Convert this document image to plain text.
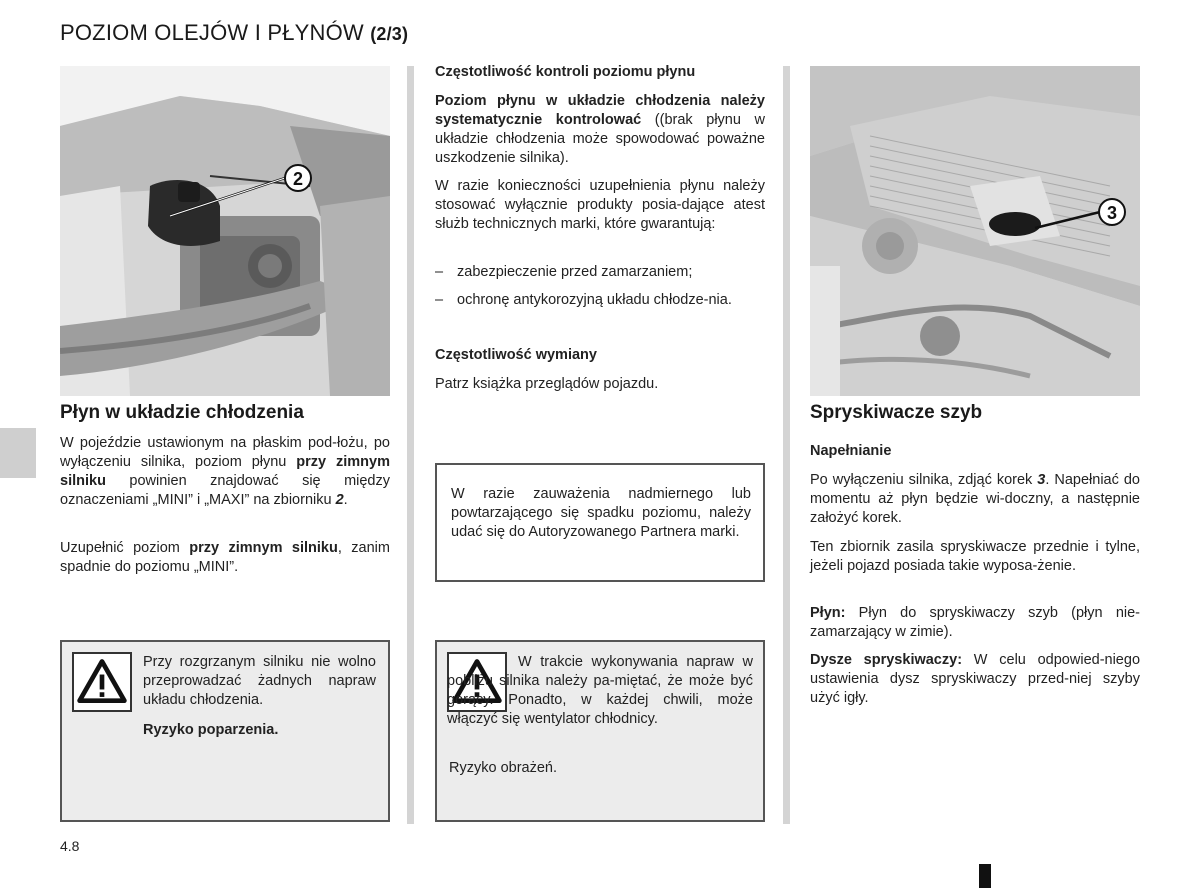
POZIOM OLEJÓW I PŁYNÓW (2/3)
2
Płyn w układzie chłodzenia
W pojeździe ustawionym na płaskim pod-łożu, po wyłączeniu silnika, poziom płynu przy zimnym silniku powinien znajdować się między oznaczeniami „MINI” i „MAXI” na zbiorniku 2.
Uzupełnić poziom przy zimnym silniku, zanim spadnie do poziomu „MINI”.
Przy rozgrzanym silniku nie wolno przeprowadzać żadnych napraw układu chłodzenia.
Ryzyko poparzenia.
Częstotliwość kontroli poziomu płynu
Poziom płynu w układzie chłodzenia należy systematycznie kontrolować ((brak płynu w układzie chłodzenia może spowodować poważne uszkodzenie silnika).
W razie konieczności uzupełnienia płynu należy stosować wyłącznie produkty posia-dające atest służb technicznych marki, które gwarantują:
– zabezpieczenie przed zamarzaniem;
– ochronę antykorozyjną układu chłodze-nia.
Częstotliwość wymiany
Patrz książka przeglądów pojazdu.
W razie zauważenia nadmiernego lub powtarzającego się spadku poziomu, należy udać się do Autoryzowanego Partnera marki.
W trakcie wykonywania napraw w pobliżu silnika należy pa-miętać, że może być gorący. Ponadto, w każdej chwili, może włączyć się wentylator chłodnicy.
Ryzyko obrażeń.
3
Spryskiwacze szyb
Napełnianie
Po wyłączeniu silnika, zdjąć korek 3. Napełniać do momentu aż płyn będzie wi-doczny, a następnie założyć korek.
Ten zbiornik zasila spryskiwacze przednie i tylne, jeżeli pojazd posiada takie wyposa-żenie.
Płyn: Płyn do spryskiwaczy szyb (płyn nie-zamarzający w zimie).
Dysze spryskiwaczy: W celu odpowied-niego ustawienia dysz spryskiwaczy przed-niej szyby użyć igły.
4.8
